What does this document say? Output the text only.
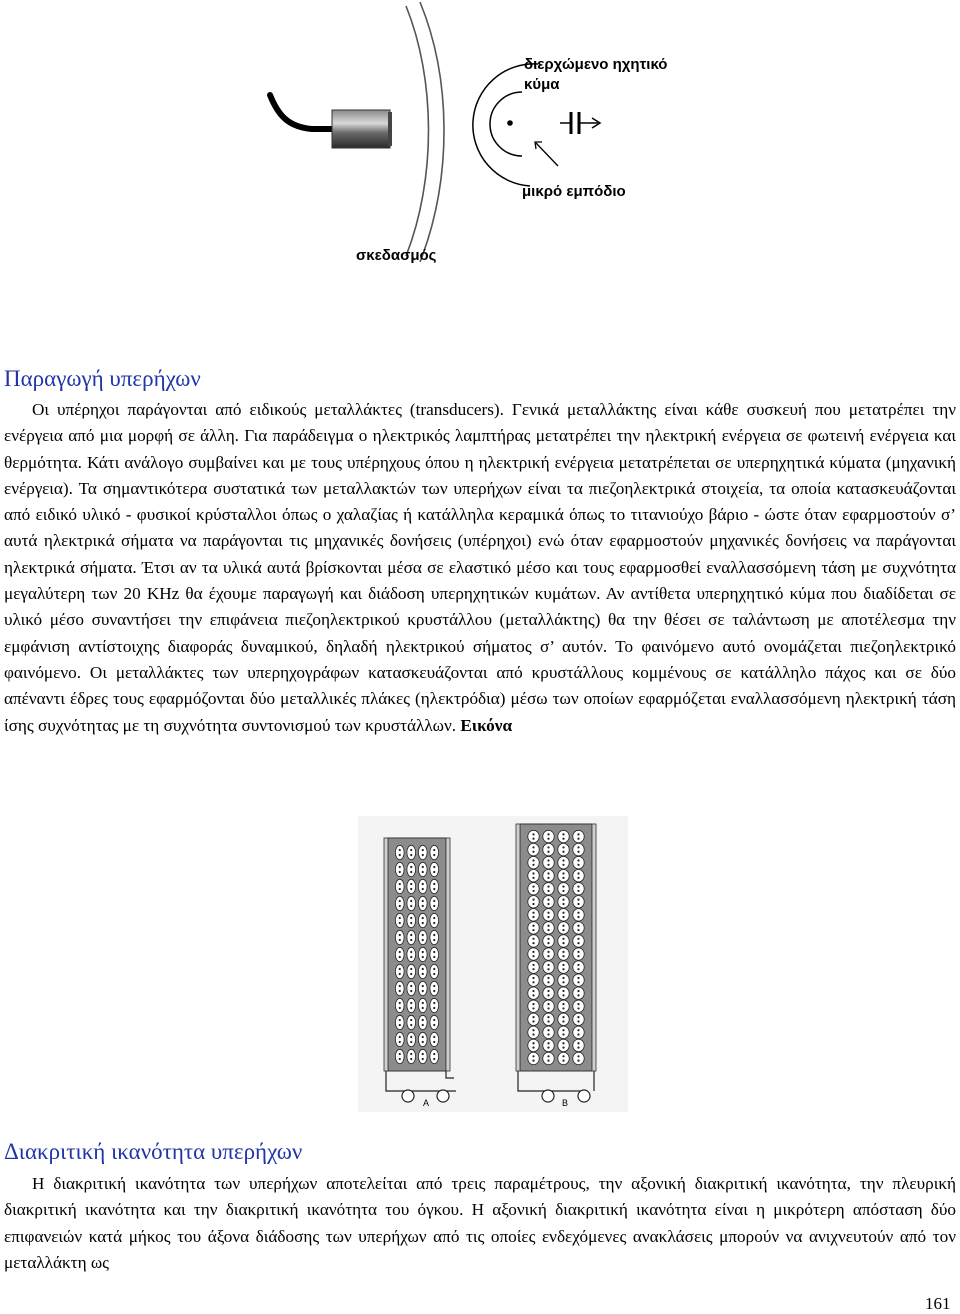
διερχώμενο ηχητικό κύμα
μικρό εμπόδιο
σκεδασμός
Παραγωγή υπερήχων
Οι υπέρηχοι παράγονται από ειδικούς μεταλλάκτες (transducers). Γενικά μεταλλάκτης είναι κάθε συσκευή που μετατρέπει την ενέργεια από μια μορφή σε άλλη. Για παράδειγμα ο ηλεκτρικός λαμπτήρας μετατρέπει την ηλεκτρική ενέργεια σε φωτεινή ενέργεια και θερμότητα. Κάτι ανάλογο συμβαίνει και με τους υπέρηχους όπου η ηλεκτρική ενέργεια μετατρέπεται σε υπερηχητικά κύματα (μηχανική ενέργεια). Τα σημαντικότερα συστατικά των μεταλλακτών των υπερήχων είναι τα πιεζοηλεκτρικά στοιχεία, τα οποία κατασκευάζονται από ειδικό υλικό - φυσικοί κρύσταλλοι όπως ο χαλαζίας ή κατάλληλα κεραμικά όπως το τιτανιούχο βάριο - ώστε όταν εφαρμοστούν σ’ αυτά ηλεκτρικά σήματα να παράγονται τις μηχανικές δονήσεις (υπέρηχοι) ενώ όταν εφαρμοστούν μηχανικές δονήσεις να παράγονται ηλεκτρικά σήματα. Έτσι αν τα υλικά αυτά βρίσκονται μέσα σε ελαστικό μέσο και τους εφαρμοσθεί εναλλασσόμενη τάση με συχνότητα μεγαλύτερη των 20 KHz θα έχουμε παραγωγή και διάδοση υπερηχητικών κυμάτων. Αν αντίθετα υπερηχητικό κύμα που διαδίδεται σε υλικό μέσο συναντήσει την επιφάνεια πιεζοηλεκτρικού κρυστάλλου (μεταλλάκτης) θα την θέσει σε ταλάντωση με αποτέλεσμα την εμφάνιση αντίστοιχης διαφοράς δυναμικού, δηλαδή ηλεκτρικού σήματος σ’ αυτόν. Το φαινόμενο αυτό ονομάζεται πιεζοηλεκτρικό φαινόμενο. Οι μεταλλάκτες των υπερηχογράφων κατασκευάζονται από κρυστάλλους κομμένους σε κατάλληλο πάχος και σε δύο απέναντι έδρες τους εφαρμόζονται δύο μεταλλικές πλάκες (ηλεκτρόδια) μέσω των οποίων εφαρμόζεται εναλλασσόμενη ηλεκτρική τάση ίσης συχνότητας με τη συχνότητα συντονισμού των κρυστάλλων. Εικόνα
A	B
Διακριτική ικανότητα υπερήχων
Η διακριτική ικανότητα των υπερήχων αποτελείται από τρεις παραμέτρους, την αξονική διακριτική ικανότητα, την πλευρική διακριτική ικανότητα και την διακριτική ικανότητα του όγκου. Η αξονική διακριτική ικανότητα είναι η μικρότερη απόσταση δύο επιφανειών κατά μήκος του άξονα διάδοσης των υπερήχων από τις οποίες ενδεχόμενες ανακλάσεις μπορούν να ανιχνευτούν από τον μεταλλάκτη ως
161
